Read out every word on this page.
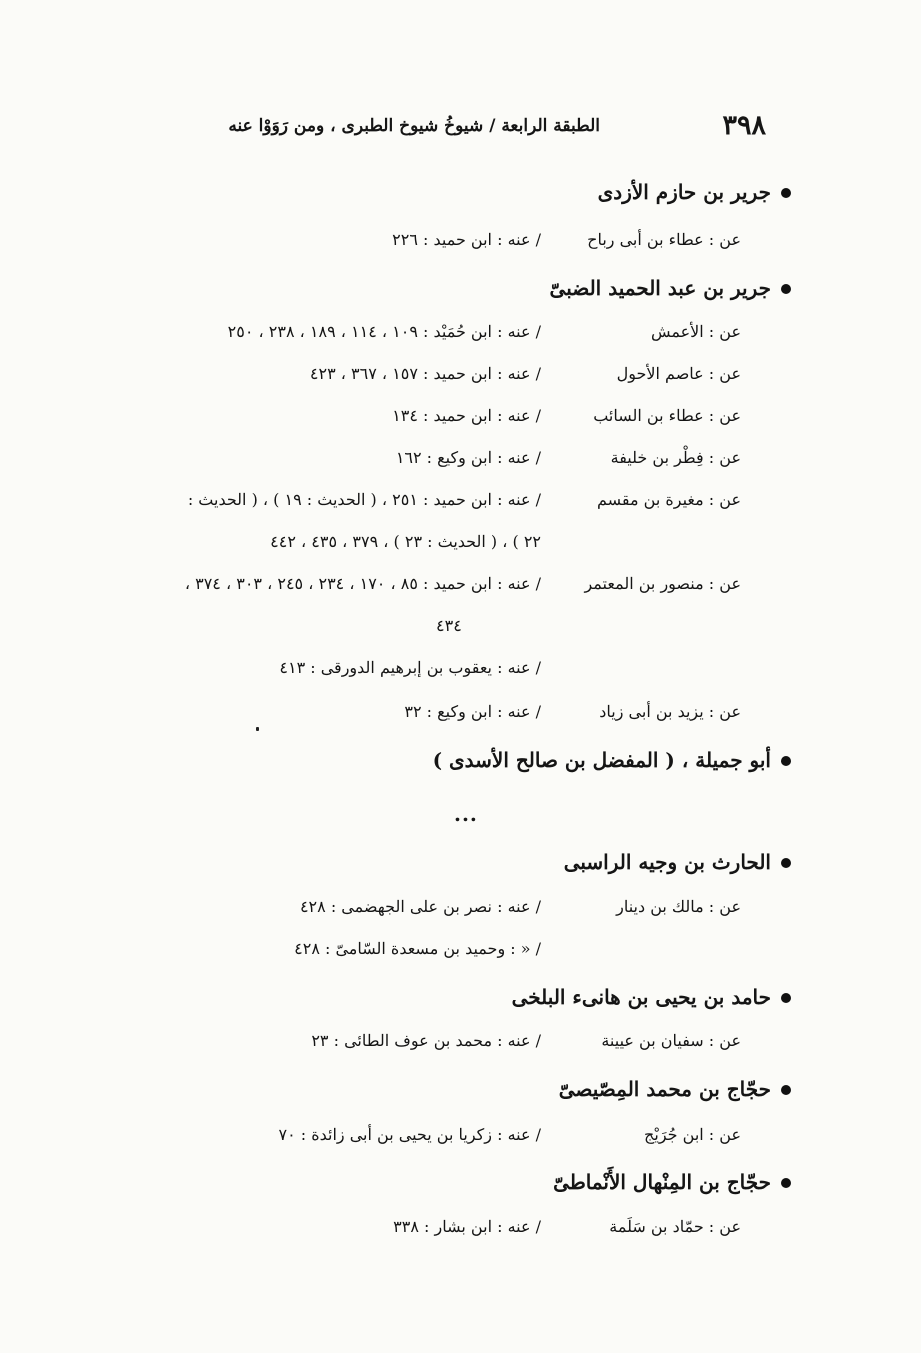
٣٩٨
الطبقة الرابعة / شيوخُ شيوخ الطبرى ، ومن رَوَوْا عنه
جرير بن حازم الأزدى
عن : عطاء بن أبى رباح
/ عنه : ابن حميد : ٢٢٦
جرير بن عبد الحميد الضبىّ
عن : الأعمش
/ عنه : ابن حُمَيْد : ١٠٩ ، ١١٤ ، ١٨٩ ، ٢٣٨ ، ٢٥٠
عن : عاصم الأحول
/ عنه : ابن حميد : ١٥٧ ، ٣٦٧ ، ٤٢٣
عن : عطاء بن السائب
/ عنه : ابن حميد : ١٣٤
عن : فِطْر بن خليفة
/ عنه : ابن وكيع : ١٦٢
عن : مغيرة بن مقسم
/ عنه : ابن حميد : ٢٥١ ، ( الحديث : ١٩ ) ، ( الحديث :
٢٢ ) ، ( الحديث : ٢٣ ) ، ٣٧٩ ، ٤٣٥ ، ٤٤٢
عن : منصور بن المعتمر
/ عنه : ابن حميد : ٨٥ ، ١٧٠ ، ٢٣٤ ، ٢٤٥ ، ٣٠٣ ، ٣٧٤ ،
٤٣٤
/ عنه : يعقوب بن إبرهيم الدورقى : ٤١٣
عن : يزيد بن أبى زياد
/ عنه : ابن وكيع : ٣٢
أبو جميلة ، ( المفضل بن صالح الأسدى )
...
الحارث بن وجيه الراسبى
عن : مالك بن دينار
/ عنه : نصر بن على الجهضمى : ٤٢٨
/ « : وحميد بن مسعدة السّامىّ : ٤٢٨
حامد بن يحيى بن هانىء البلخى
عن : سفيان بن عيينة
/ عنه : محمد بن عوف الطائى : ٢٣
حجّاج بن محمد المِصّيصىّ
عن : ابن جُرَيْج
/ عنه : زكريا بن يحيى بن أبى زائدة : ٧٠
حجّاج بن المِنْهال الأَنْماطىّ
عن : حمّاد بن سَلَمة
/ عنه : ابن بشار : ٣٣٨
